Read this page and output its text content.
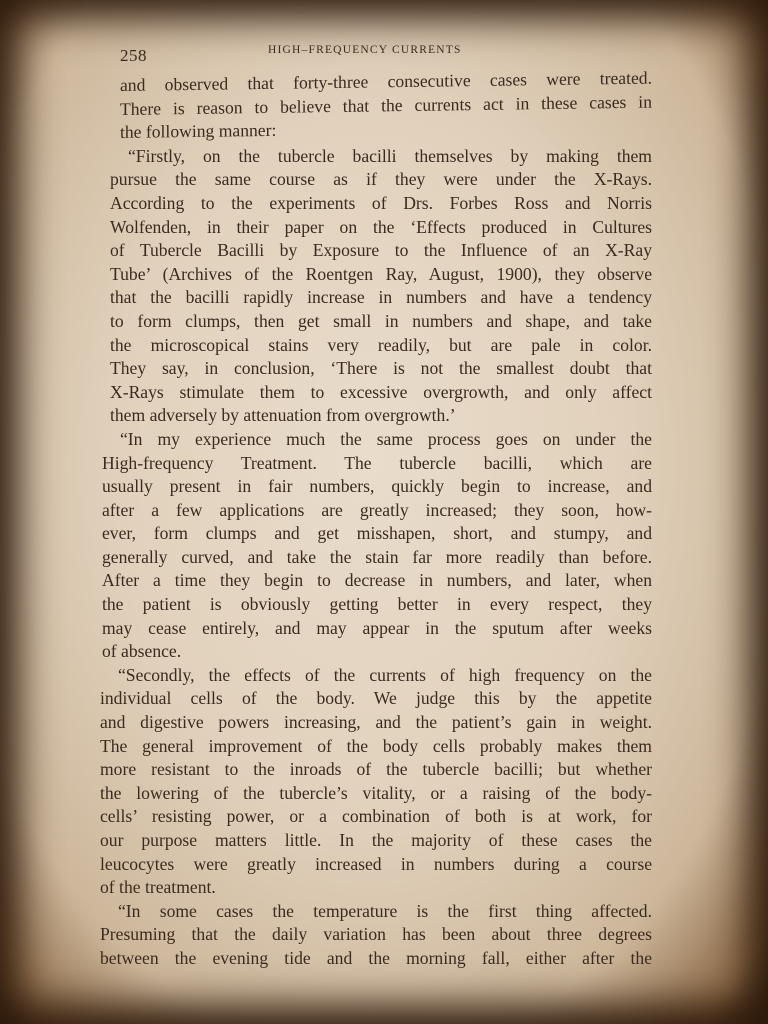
258	HIGH–FREQUENCY CURRENTS
and observed that forty-three consecutive cases were treated.
There is reason to believe that the currents act in these cases in
the following manner:
“Firstly, on the tubercle bacilli themselves by making them
pursue the same course as if they were under the X-Rays.
According to the experiments of Drs. Forbes Ross and Norris
Wolfenden, in their paper on the ‘Effects produced in Cultures
of Tubercle Bacilli by Exposure to the Influence of an X-Ray
Tube’ (Archives of the Roentgen Ray, August, 1900), they observe
that the bacilli rapidly increase in numbers and have a tendency
to form clumps, then get small in numbers and shape, and take
the microscopical stains very readily, but are pale in color.
They say, in conclusion, ‘There is not the smallest doubt that
X-Rays stimulate them to excessive overgrowth, and only affect
them adversely by attenuation from overgrowth.’
“In my experience much the same process goes on under the
High-frequency Treatment. The tubercle bacilli, which are
usually present in fair numbers, quickly begin to increase, and
after a few applications are greatly increased; they soon, how-
ever, form clumps and get misshapen, short, and stumpy, and
generally curved, and take the stain far more readily than before.
After a time they begin to decrease in numbers, and later, when
the patient is obviously getting better in every respect, they
may cease entirely, and may appear in the sputum after weeks
of absence.
“Secondly, the effects of the currents of high frequency on the
individual cells of the body. We judge this by the appetite
and digestive powers increasing, and the patient’s gain in weight.
The general improvement of the body cells probably makes them
more resistant to the inroads of the tubercle bacilli; but whether
the lowering of the tubercle’s vitality, or a raising of the body-
cells’ resisting power, or a combination of both is at work, for
our purpose matters little. In the majority of these cases the
leucocytes were greatly increased in numbers during a course
of the treatment.
“In some cases the temperature is the first thing affected.
Presuming that the daily variation has been about three degrees
between the evening tide and the morning fall, either after the
